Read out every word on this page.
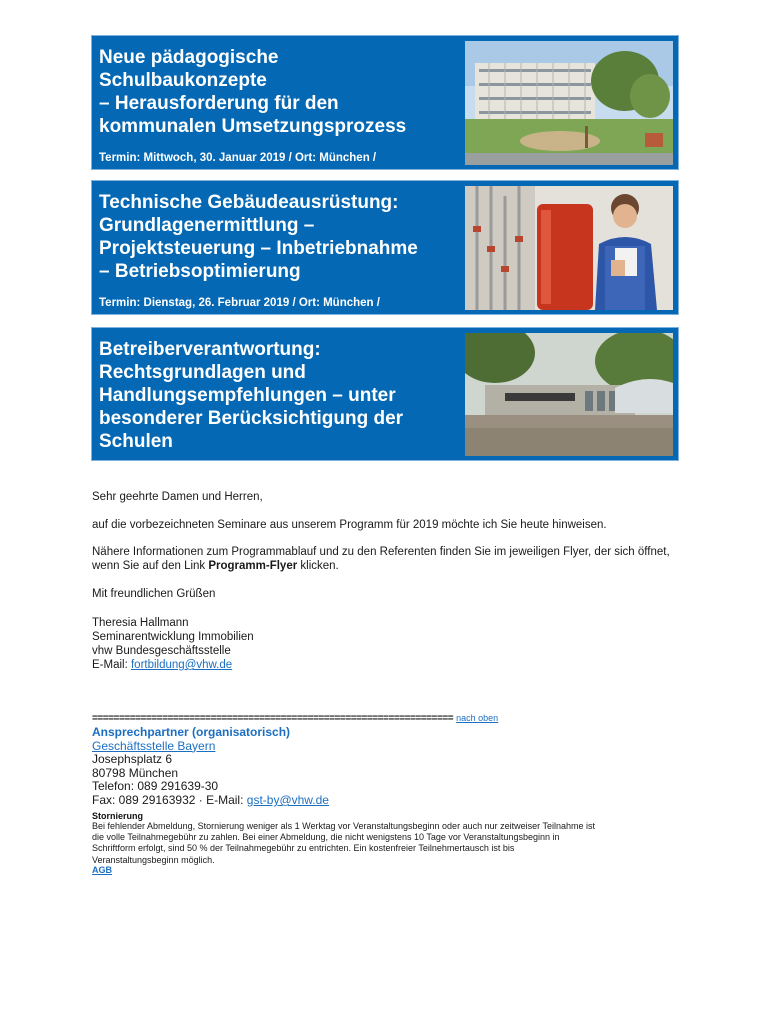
Neue pädagogische
Schulbaukonzepte
– Herausforderung für den
kommunalen Umsetzungsprozess
Termin: Mittwoch, 30. Januar 2019 / Ort: München /
Technische Gebäudeausrüstung:
Grundlagenermittlung –
Projektsteuerung – Inbetriebnahme
– Betriebsoptimierung
Termin: Dienstag, 26. Februar 2019 / Ort: München /
Betreiberverantwortung:
Rechtsgrundlagen und
Handlungsempfehlungen – unter
besonderer Berücksichtigung der
Schulen

Sehr geehrte Damen und Herren,

auf die vorbezeichneten Seminare aus unserem Programm für 2019 möchte ich Sie heute hinweisen.

Nähere Informationen zum Programmablauf und zu den Referenten finden Sie im jeweiligen Flyer, der sich öffnet, wenn Sie auf den Link Programm-Flyer klicken.

Mit freundlichen Grüßen

Theresia Hallmann

Seminarentwicklung Immobilien

vhw Bundesgeschäftsstelle

E-Mail: fortbildung@vhw.de

=================================================================== nach oben
Ansprechpartner (organisatorisch)
Geschäftsstelle Bayern
Josephsplatz 6
80798 München
Telefon: 089 291639-30
Fax: 089 29163932 · E-Mail: gst-by@vhw.de
Stornierung
Bei fehlender Abmeldung, Stornierung weniger als 1 Werktag vor Veranstaltungsbeginn oder auch nur zeitweiser Teilnahme ist
die volle Teilnahmegebühr zu zahlen. Bei einer Abmeldung, die nicht wenigstens 10 Tage vor Veranstaltungsbeginn in
Schriftform erfolgt, sind 50 % der Teilnahmegebühr zu entrichten. Ein kostenfreier Teilnehmertausch ist bis
Veranstaltungsbeginn möglich.
AGB
